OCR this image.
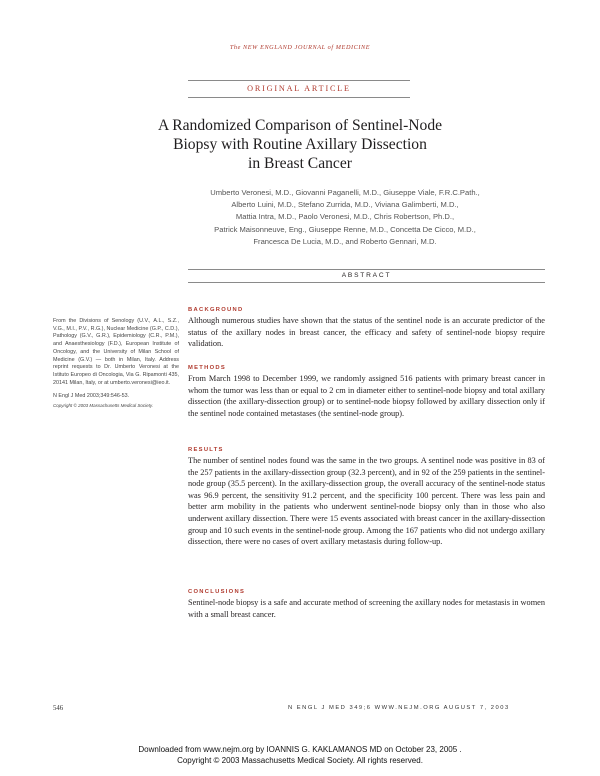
The NEW ENGLAND JOURNAL of MEDICINE
ORIGINAL ARTICLE
A Randomized Comparison of Sentinel-Node
Biopsy with Routine Axillary Dissection
in Breast Cancer
Umberto Veronesi, M.D., Giovanni Paganelli, M.D., Giuseppe Viale, F.R.C.Path.,
Alberto Luini, M.D., Stefano Zurrida, M.D., Viviana Galimberti, M.D.,
Mattia Intra, M.D., Paolo Veronesi, M.D., Chris Robertson, Ph.D.,
Patrick Maisonneuve, Eng., Giuseppe Renne, M.D., Concetta De Cicco, M.D.,
Francesca De Lucia, M.D., and Roberto Gennari, M.D.
ABSTRACT
From the Divisions of Senology (U.V., A.L., S.Z., V.G., M.I., P.V., R.G.), Nuclear Medicine (G.P., C.D.), Pathology (G.V., G.R.), Epidemiology (C.R., P.M.), and Anaesthesiology (F.D.), European Institute of Oncology, and the University of Milan School of Medicine (G.V.) — both in Milan, Italy. Address reprint requests to Dr. Umberto Veronesi at the Istituto Europeo di Oncologia, Via G. Ripamonti 435, 20141 Milan, Italy, or at umberto.veronesi@ieo.it.
N Engl J Med 2003;349:546-53.
Copyright © 2003 Massachusetts Medical Society.
BACKGROUND

Although numerous studies have shown that the status of the sentinel node is an accurate predictor of the status of the axillary nodes in breast cancer, the efficacy and safety of sentinel-node biopsy require validation.

METHODS

From March 1998 to December 1999, we randomly assigned 516 patients with primary breast cancer in whom the tumor was less than or equal to 2 cm in diameter either to sentinel-node biopsy and total axillary dissection (the axillary-dissection group) or to sentinel-node biopsy followed by axillary dissection only if the sentinel node contained metastases (the sentinel-node group).

RESULTS

The number of sentinel nodes found was the same in the two groups. A sentinel node was positive in 83 of the 257 patients in the axillary-dissection group (32.3 percent), and in 92 of the 259 patients in the sentinel-node group (35.5 percent). In the axillary-dissection group, the overall accuracy of the sentinel-node status was 96.9 percent, the sensitivity 91.2 percent, and the specificity 100 percent. There was less pain and better arm mobility in the patients who underwent sentinel-node biopsy only than in those who also underwent axillary dissection. There were 15 events associated with breast cancer in the axillary-dissection group and 10 such events in the sentinel-node group. Among the 167 patients who did not undergo axillary dissection, there were no cases of overt axillary metastasis during follow-up.

CONCLUSIONS

Sentinel-node biopsy is a safe and accurate method of screening the axillary nodes for metastasis in women with a small breast cancer.

546	N ENGL J MED 349;6 WWW.NEJM.ORG AUGUST 7, 2003
Downloaded from www.nejm.org by IOANNIS G. KAKLAMANOS MD on October 23, 2005 .
Copyright © 2003 Massachusetts Medical Society. All rights reserved.
